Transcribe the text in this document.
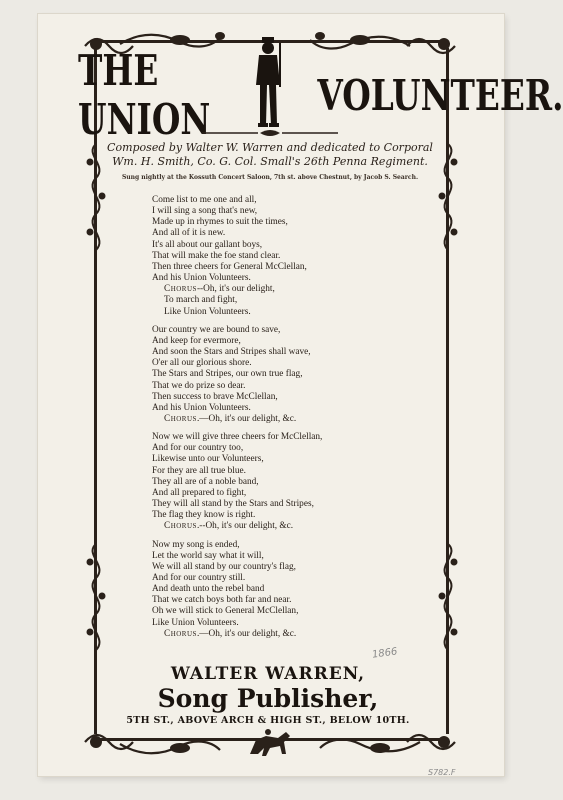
THE UNION	VOLUNTEER.
Composed by Walter W. Warren and dedicated to Corporal Wm. H. Smith, Co. G. Col. Small's 26th Penna Regiment.
Sung nightly at the Kossuth Concert Saloon, 7th st. above Chestnut, by Jacob S. Search.
Come list to me one and all,
I will sing a song that's new,
Made up in rhymes to suit the times,
And all of it is new.
It's all about our gallant boys,
That will make the foe stand clear.
Then three cheers for General McClellan,
And his Union Volunteers.
Chorus--Oh, it's our delight,
To march and fight,
Like Union Volunteers.
Our country we are bound to save,
And keep for evermore,
And soon the Stars and Stripes shall wave,
O'er all our glorious shore.
The Stars and Stripes, our own true flag,
That we do prize so dear.
Then success to brave McClellan,
And his Union Volunteers.
Chorus.—Oh, it's our delight, &c.
Now we will give three cheers for McClellan,
And for our country too,
Likewise unto our Volunteers,
For they are all true blue.
They all are of a noble band,
And all prepared to fight,
They will all stand by the Stars and Stripes,
The flag they know is right.
Chorus.--Oh, it's our delight, &c.
Now my song is ended,
Let the world say what it will,
We will all stand by our country's flag,
And for our country still.
And death unto the rebel band
That we catch boys both far and near.
Oh we will stick to General McClellan,
Like Union Volunteers.
Chorus.—Oh, it's our delight, &c.
WALTER WARREN,
Song Publisher,
5TH ST., ABOVE ARCH & HIGH ST., BELOW 10TH.
1866
S782.F
